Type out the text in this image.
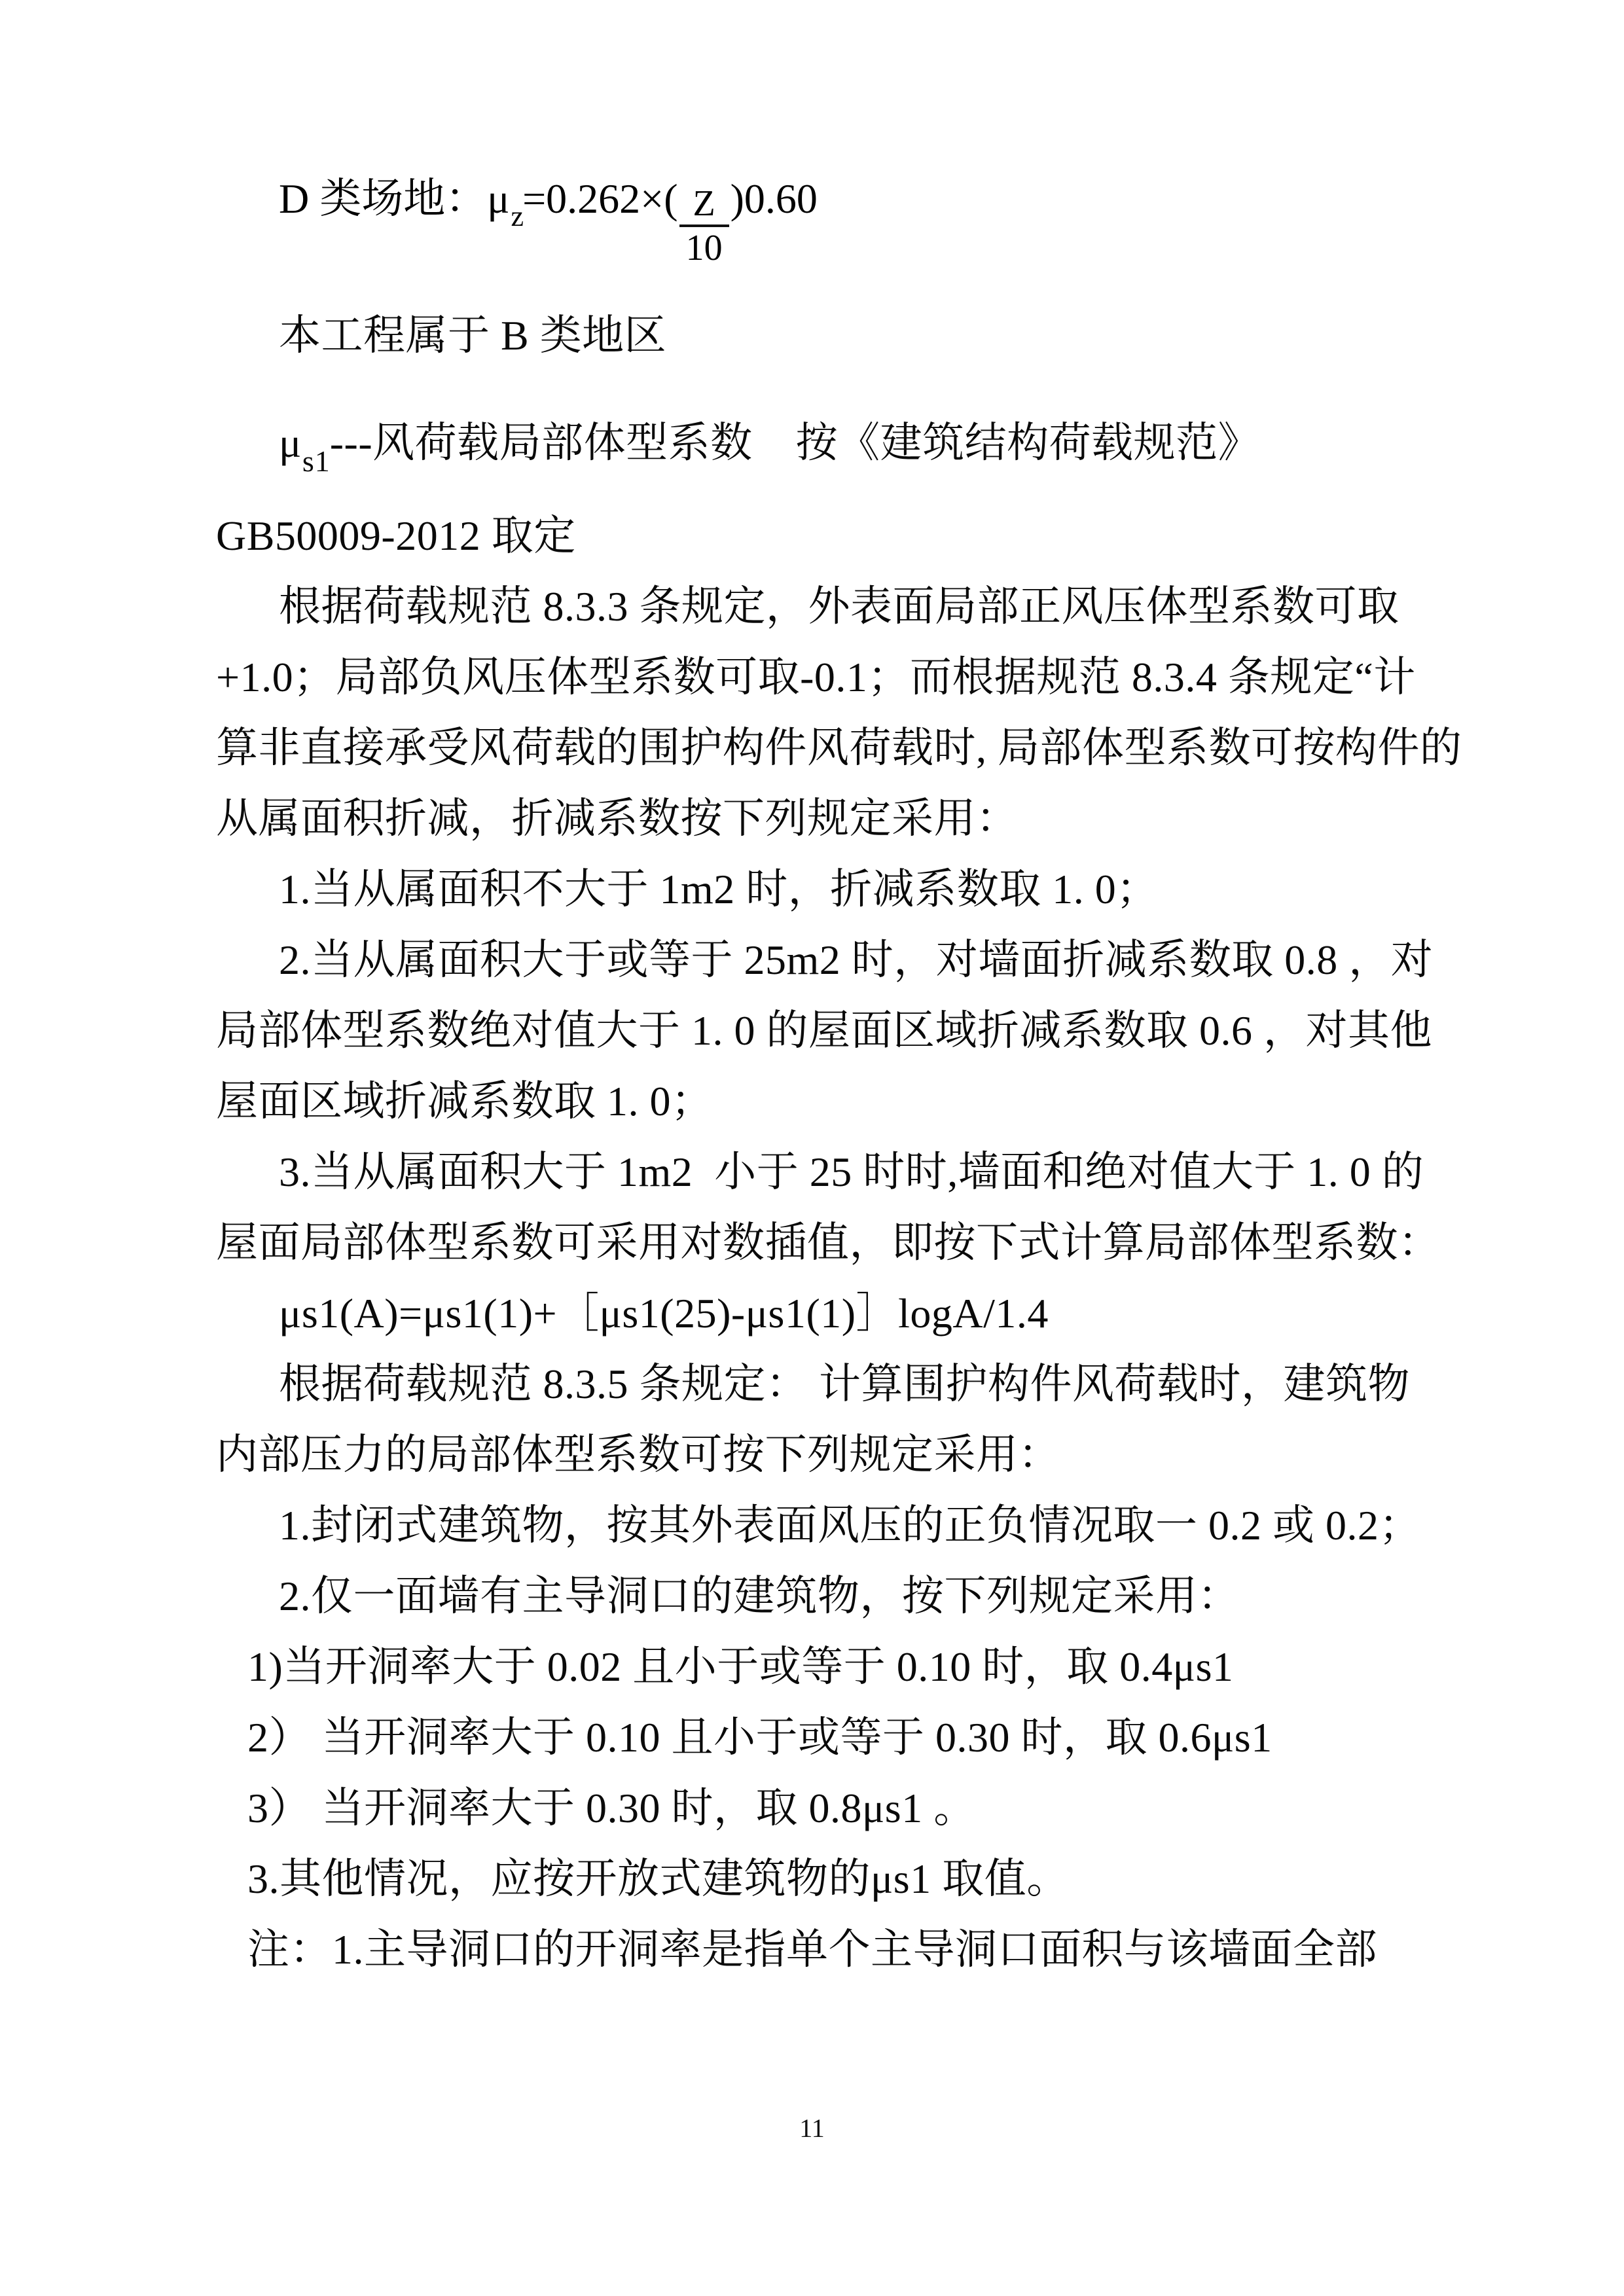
D 类场地： μ z
$=0.262\times( \frac{Z}{10} )0.60$
本工程属于 B 类地区
$\mu_{s1}---$风荷载局部体型系数    按《建筑结构荷载规范》
GB50009-2012 取定
根据荷载规范 8.3.3 条规定，外表面局部正风压体型系数可取
+1.0；局部负风压体型系数可取-0.1；而根据规范 8.3.4 条规定“计
算非直接承受风荷载的围护构件风荷载时, 局部体型系数可按构件的
从属面积折减，折减系数按下列规定采用：
1.当从属面积不大于 1m2 时，折减系数取 1. 0；
2.当从属面积大于或等于 25m2 时，对墙面折减系数取 0.8 ，对
局部体型系数绝对值大于 1. 0 的屋面区域折减系数取 0.6 ，对其他
屋面区域折减系数取 1. 0；
3.当从属面积大于 1m2  小于 25 时时,墙面和绝对值大于 1. 0 的
屋面局部体型系数可采用对数插值，即按下式计算局部体型系数：
μs1(A)=μs1(1)+［μs1(25)-μs1(1)］logA/1.4
根据荷载规范 8.3.5 条规定： 计算围护构件风荷载时，建筑物
内部压力的局部体型系数可按下列规定采用：
1.封闭式建筑物，按其外表面风压的正负情况取一 0.2 或 0.2；
2.仅一面墙有主导洞口的建筑物，按下列规定采用：
1)当开洞率大于 0.02 且小于或等于 0.10 时，取 0.4μs1
2） 当开洞率大于 0.10 且小于或等于 0.30 时，取 0.6μs1
3） 当开洞率大于 0.30 时，取 0.8μs1 。
3.其他情况，应按开放式建筑物的μs1 取值。
注：1.主导洞口的开洞率是指单个主导洞口面积与该墙面全部
11
